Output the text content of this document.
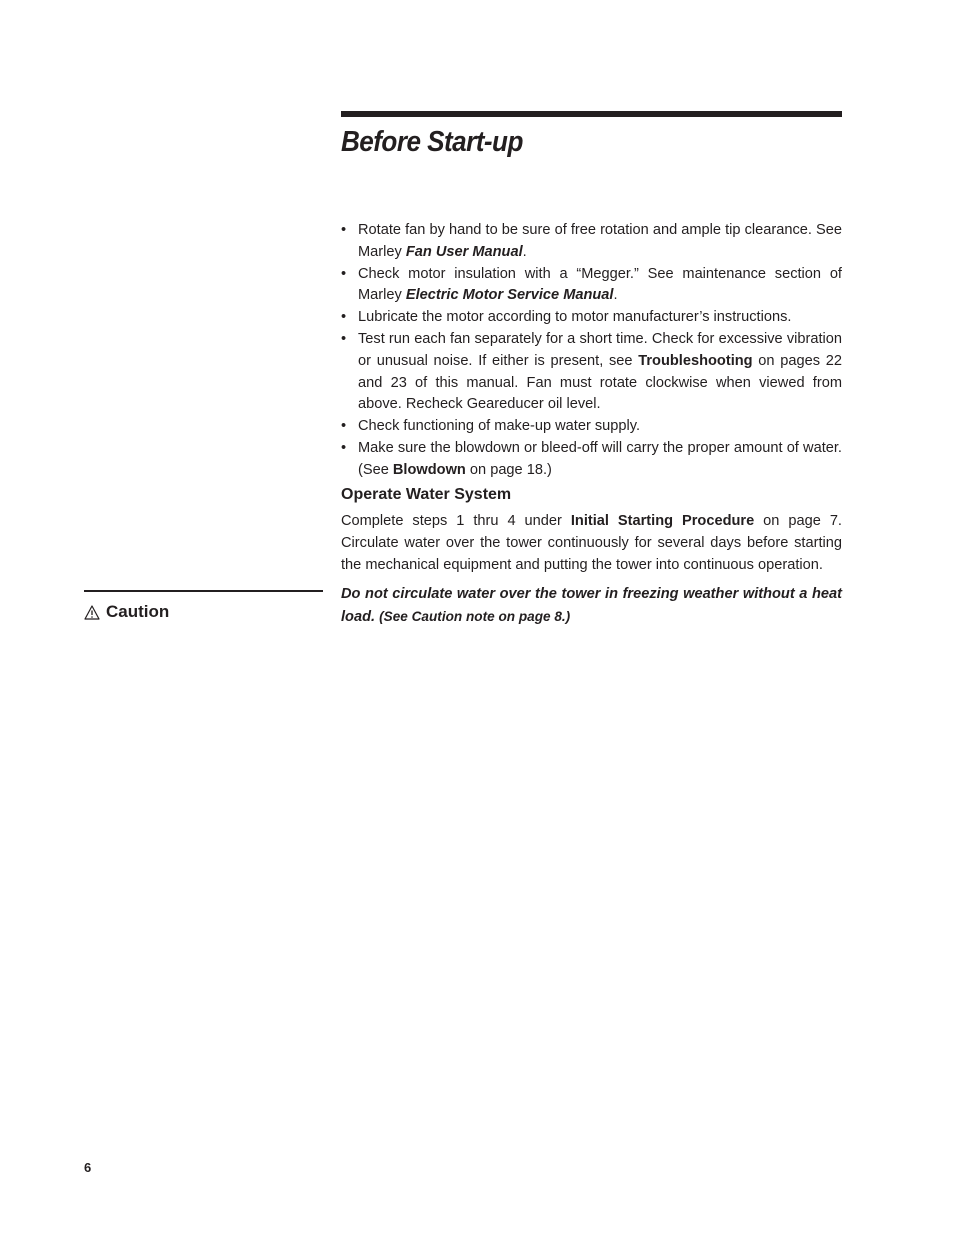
Before Start-up
• Rotate fan by hand to be sure of free rotation and ample tip clearance. See Marley Fan User Manual.
• Check motor insulation with a “Megger.” See maintenance section of Marley Electric Motor Service Manual.
• Lubricate the motor according to motor manufacturer’s instructions.
• Test run each fan separately for a short time. Check for excessive vibration or unusual noise. If either is present, see Troubleshooting on pages 22 and 23 of this manual. Fan must rotate clockwise when viewed from above. Recheck Geareducer oil level.
• Check functioning of make-up water supply.
• Make sure the blowdown or bleed-off will carry the proper amount of water. (See Blowdown on page 18.)
Operate Water System

Complete steps 1 thru 4 under Initial Starting Procedure on page 7. Circulate water over the tower continuously for several days before starting the mechanical equipment and putting the tower into continuous operation.

Caution

Do not circulate water over the tower in freezing weather without a heat load. (See Caution note on page 8.)

6
